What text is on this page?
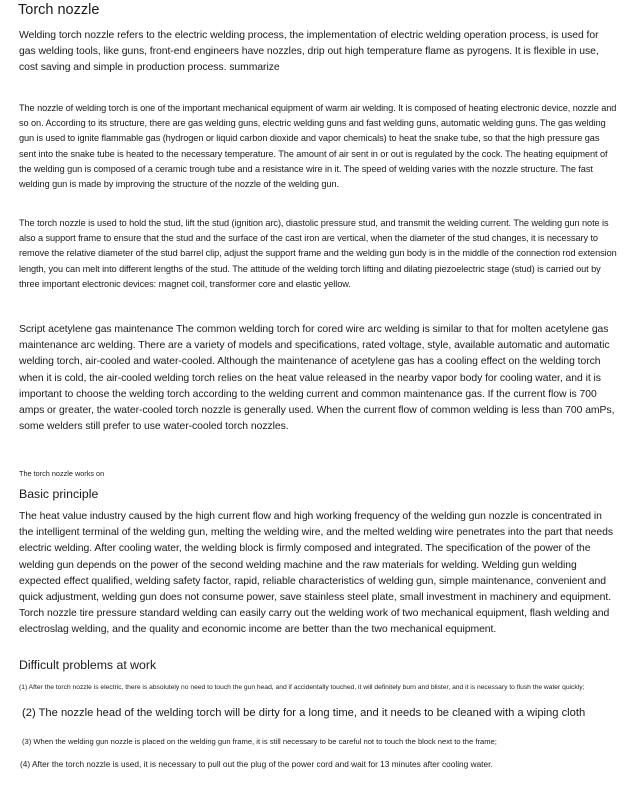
Torch nozzle

Welding torch nozzle refers to the electric welding process, the implementation of electric welding operation process, is used for gas welding tools, like guns, front-end engineers have nozzles, drip out high temperature flame as pyrogens. It is flexible in use, cost saving and simple in production process. summarize

The nozzle of welding torch is one of the important mechanical equipment of warm air welding. It is composed of heating electronic device, nozzle and so on. According to its structure, there are gas welding guns, electric welding guns and fast welding guns, automatic welding guns. The gas welding gun is used to ignite flammable gas (hydrogen or liquid carbon dioxide and vapor chemicals) to heat the snake tube, so that the high pressure gas sent into the snake tube is heated to the necessary temperature. The amount of air sent in or out is regulated by the cock. The heating equipment of the welding gun is composed of a ceramic trough tube and a resistance wire in it. The speed of welding varies with the nozzle structure. The fast welding gun is made by improving the structure of the nozzle of the welding gun.

The torch nozzle is used to hold the stud, lift the stud (ignition arc), diastolic pressure stud, and transmit the welding current. The welding gun note is also a support frame to ensure that the stud and the surface of the cast iron are vertical, when the diameter of the stud changes, it is necessary to remove the relative diameter of the stud barrel clip, adjust the support frame and the welding gun body is in the middle of the connection rod extension length, you can melt into different lengths of the stud. The attitude of the welding torch lifting and dilating piezoelectric stage (stud) is carried out by three important electronic devices: magnet coil, transformer core and elastic yellow.

Script acetylene gas maintenance The common welding torch for cored wire arc welding is similar to that for molten acetylene gas maintenance arc welding. There are a variety of models and specifications, rated voltage, style, available automatic and automatic welding torch, air-cooled and water-cooled. Although the maintenance of acetylene gas has a cooling effect on the welding torch when it is cold, the air-cooled welding torch relies on the heat value released in the nearby vapor body for cooling water, and it is important to choose the welding torch according to the welding current and common maintenance gas. If the current flow is 700 amps or greater, the water-cooled torch nozzle is generally used. When the current flow of common welding is less than 700 amPs, some welders still prefer to use water-cooled torch nozzles.

The torch nozzle works on

Basic principle

The heat value industry caused by the high current flow and high working frequency of the welding gun nozzle is concentrated in the intelligent terminal of the welding gun, melting the welding wire, and the melted welding wire penetrates into the part that needs electric welding. After cooling water, the welding block is firmly composed and integrated. The specification of the power of the welding gun depends on the power of the second welding machine and the raw materials for welding. Welding gun welding expected effect qualified, welding safety factor, rapid, reliable characteristics of welding gun, simple maintenance, convenient and quick adjustment, welding gun does not consume power, save stainless steel plate, small investment in machinery and equipment. Torch nozzle tire pressure standard welding can easily carry out the welding work of two mechanical equipment, flash welding and electroslag welding, and the quality and economic income are better than the two mechanical equipment.

Difficult problems at work

(1) After the torch nozzle is electric, there is absolutely no need to touch the gun head, and if accidentally touched, it will definitely burn and blister, and it is necessary to flush the water quickly;

(2) The nozzle head of the welding torch will be dirty for a long time, and it needs to be cleaned with a wiping cloth

(3) When the welding gun nozzle is placed on the welding gun frame, it is still necessary to be careful not to touch the block next to the frame;

(4) After the torch nozzle is used, it is necessary to pull out the plug of the power cord and wait for 13 minutes after cooling water.
